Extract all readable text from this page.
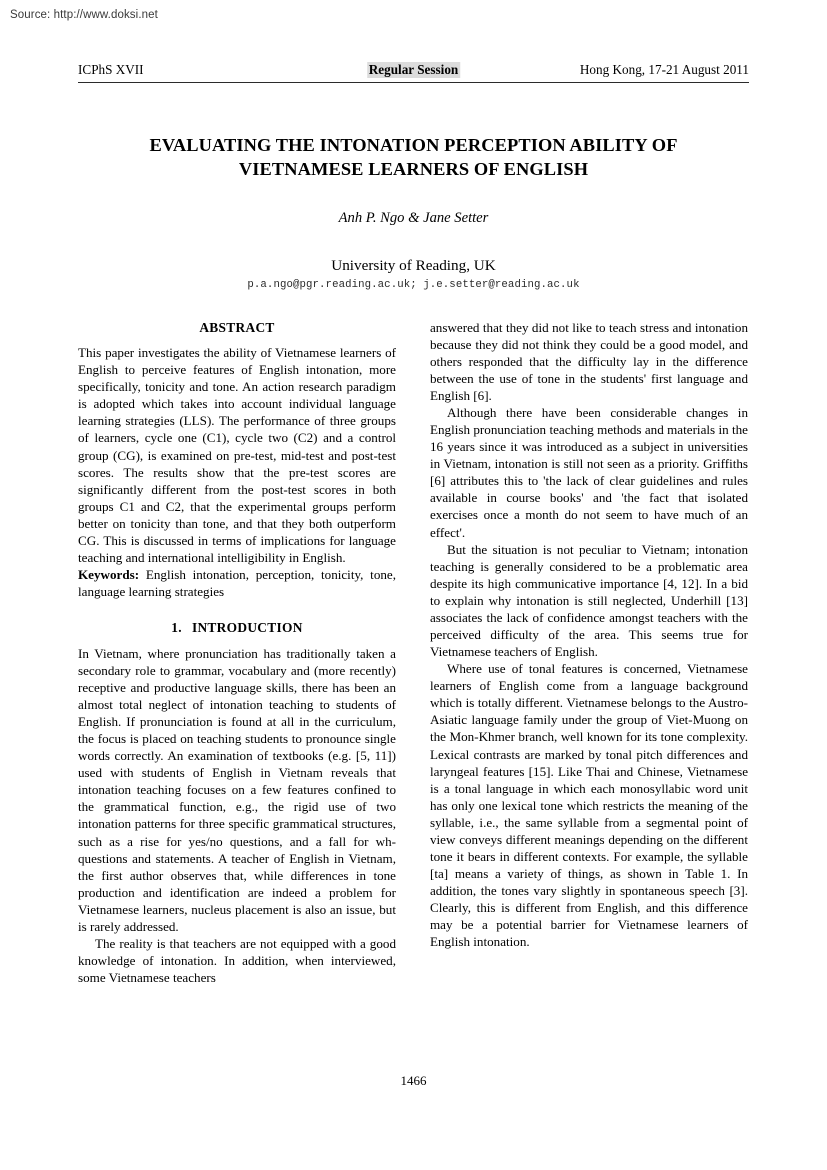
Source: http://www.doksi.net
ICPhS XVII	Regular Session	Hong Kong, 17-21 August 2011
EVALUATING THE INTONATION PERCEPTION ABILITY OF
VIETNAMESE LEARNERS OF ENGLISH
Anh P. Ngo & Jane Setter
University of Reading, UK
p.a.ngo@pgr.reading.ac.uk; j.e.setter@reading.ac.uk
ABSTRACT

This paper investigates the ability of Vietnamese learners of English to perceive features of English intonation, more specifically, tonicity and tone. An action research paradigm is adopted which takes into account individual language learning strategies (LLS). The performance of three groups of learners, cycle one (C1), cycle two (C2) and a control group (CG), is examined on pre-test, mid-test and post-test scores. The results show that the pre-test scores are significantly different from the post-test scores in both groups C1 and C2, that the experimental groups perform better on tonicity than tone, and that they both outperform CG. This is discussed in terms of implications for language teaching and international intelligibility in English.

Keywords: English intonation, perception, tonicity, tone, language learning strategies

1. INTRODUCTION

In Vietnam, where pronunciation has traditionally taken a secondary role to grammar, vocabulary and (more recently) receptive and productive language skills, there has been an almost total neglect of intonation teaching to students of English. If pronunciation is found at all in the curriculum, the focus is placed on teaching students to pronounce single words correctly. An examination of textbooks (e.g. [5, 11]) used with students of English in Vietnam reveals that intonation teaching focuses on a few features confined to the grammatical function, e.g., the rigid use of two intonation patterns for three specific grammatical structures, such as a rise for yes/no questions, and a fall for wh-questions and statements. A teacher of English in Vietnam, the first author observes that, while differences in tone production and identification are indeed a problem for Vietnamese learners, nucleus placement is also an issue, but is rarely addressed.

The reality is that teachers are not equipped with a good knowledge of intonation. In addition, when interviewed, some Vietnamese teachers

answered that they did not like to teach stress and intonation because they did not think they could be a good model, and others responded that the difficulty lay in the difference between the use of tone in the students' first language and English [6].

Although there have been considerable changes in English pronunciation teaching methods and materials in the 16 years since it was introduced as a subject in universities in Vietnam, intonation is still not seen as a priority. Griffiths [6] attributes this to 'the lack of clear guidelines and rules available in course books' and 'the fact that isolated exercises once a month do not seem to have much of an effect'.

But the situation is not peculiar to Vietnam; intonation teaching is generally considered to be a problematic area despite its high communicative importance [4, 12]. In a bid to explain why intonation is still neglected, Underhill [13] associates the lack of confidence amongst teachers with the perceived difficulty of the area. This seems true for Vietnamese teachers of English.

Where use of tonal features is concerned, Vietnamese learners of English come from a language background which is totally different. Vietnamese belongs to the Austro-Asiatic language family under the group of Viet-Muong on the Mon-Khmer branch, well known for its tone complexity. Lexical contrasts are marked by tonal pitch differences and laryngeal features [15]. Like Thai and Chinese, Vietnamese is a tonal language in which each monosyllabic word unit has only one lexical tone which restricts the meaning of the syllable, i.e., the same syllable from a segmental point of view conveys different meanings depending on the different tone it bears in different contexts. For example, the syllable [ta] means a variety of things, as shown in Table 1. In addition, the tones vary slightly in spontaneous speech [3]. Clearly, this is different from English, and this difference may be a potential barrier for Vietnamese learners of English intonation.

1466
